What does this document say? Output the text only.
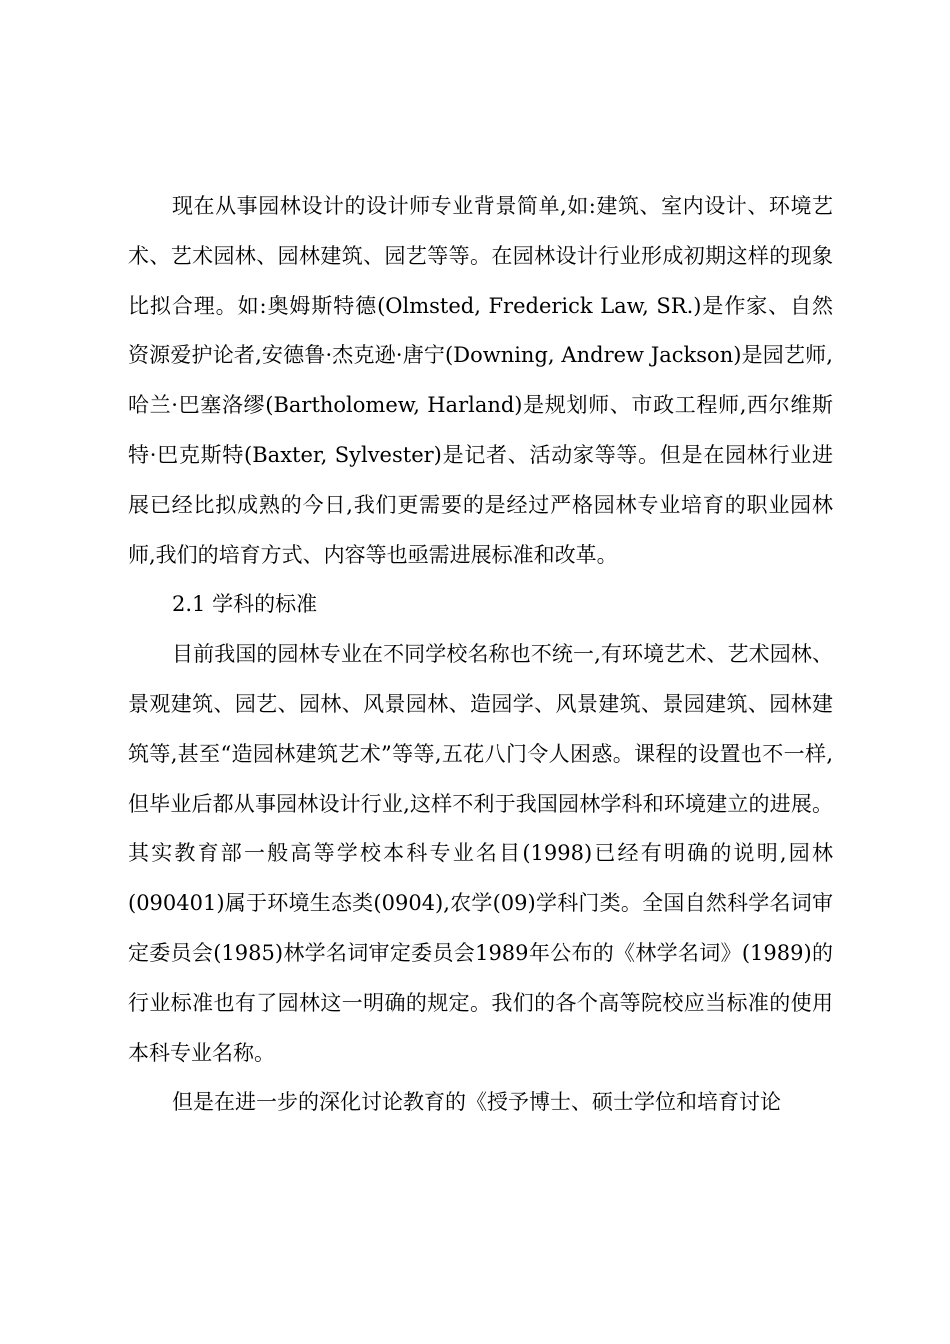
现在从事园林设计的设计师专业背景简单,如:建筑、室内设计、环境艺术、艺术园林、园林建筑、园艺等等。在园林设计行业形成初期这样的现象比拟合理。如:奥姆斯特德(Olmsted, Frederick Law, SR.)是作家、自然资源爱护论者,安德鲁·杰克逊·唐宁(Downing, Andrew Jackson)是园艺师,哈兰·巴塞洛缪(Bartholomew, Harland)是规划师、市政工程师,西尔维斯特·巴克斯特(Baxter, Sylvester)是记者、活动家等等。但是在园林行业进展已经比拟成熟的今日,我们更需要的是经过严格园林专业培育的职业园林师,我们的培育方式、内容等也亟需进展标准和改革。

2.1 学科的标准

目前我国的园林专业在不同学校名称也不统一,有环境艺术、艺术园林、景观建筑、园艺、园林、风景园林、造园学、风景建筑、景园建筑、园林建筑等,甚至“造园林建筑艺术”等等,五花八门令人困惑。课程的设置也不一样,但毕业后都从事园林设计行业,这样不利于我国园林学科和环境建立的进展。其实教育部一般高等学校本科专业名目(1998)已经有明确的说明,园林(090401)属于环境生态类(0904),农学(09)学科门类。全国自然科学名词审定委员会(1985)林学名词审定委员会1989年公布的《林学名词》(1989)的行业标准也有了园林这一明确的规定。我们的各个高等院校应当标准的使用本科专业名称。

但是在进一步的深化讨论教育的《授予博士、硕士学位和培育讨论
